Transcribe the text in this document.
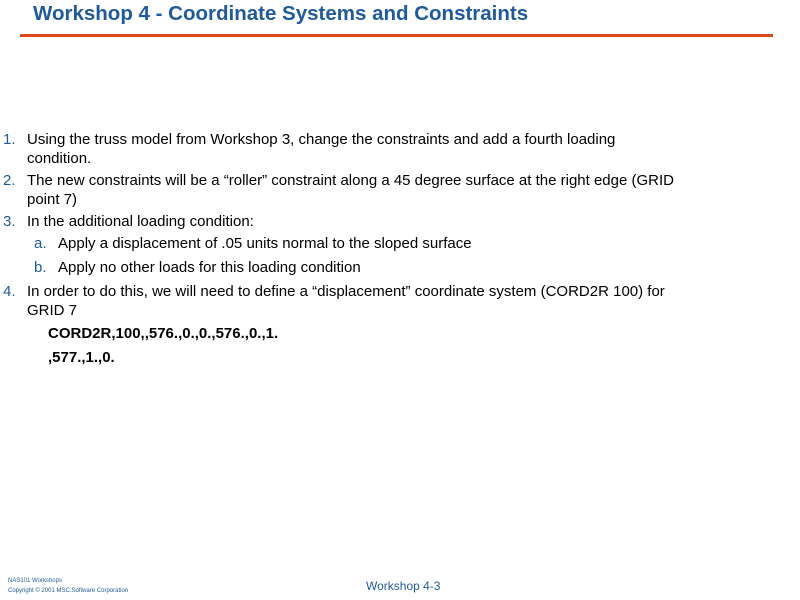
Workshop 4 - Coordinate Systems and Constraints
1. Using the truss model from Workshop 3, change the constraints and add a fourth loading condition.
2. The new constraints will be a “roller” constraint along a 45 degree surface at the right edge (GRID point 7)
3. In the additional loading condition:
a. Apply a displacement of .05 units normal to the sloped surface
b. Apply no other loads for this loading condition
4. In order to do this, we will need to define a “displacement” coordinate system (CORD2R 100) for GRID 7
CORD2R,100,,576.,0.,0.,576.,0.,1.
,577.,1.,0.
NAS101 Workshops
Copyright © 2001 MSC.Software Corporation	Workshop 4-3
